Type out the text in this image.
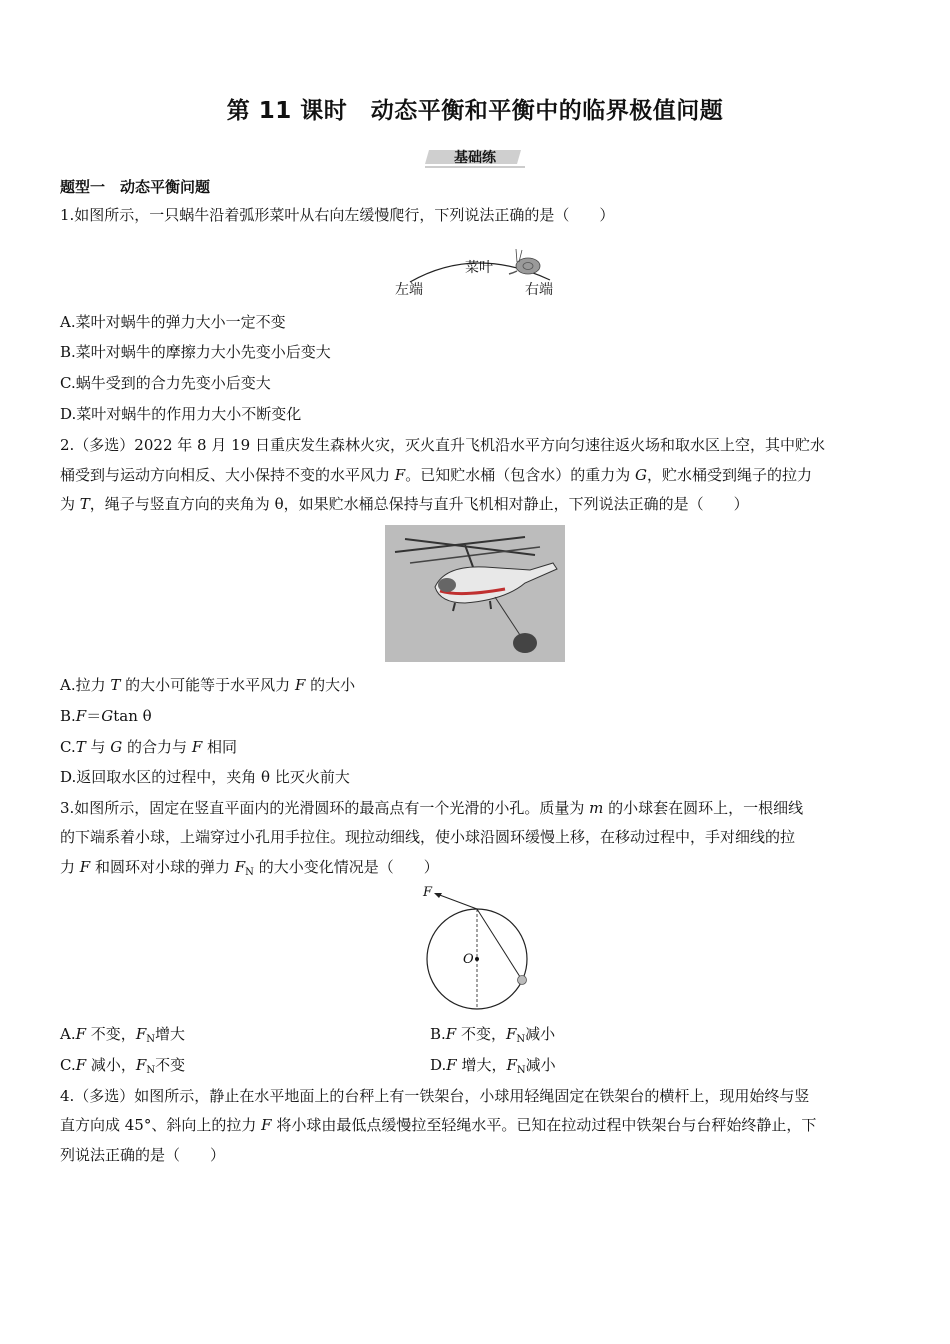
第 11 课时　动态平衡和平衡中的临界极值问题
基础练
题型一　动态平衡问题
1.如图所示，一只蜗牛沿着弧形菜叶从右向左缓慢爬行，下列说法正确的是（　　）
菜叶
左端	右端
A.菜叶对蜗牛的弹力大小一定不变
B.菜叶对蜗牛的摩擦力大小先变小后变大
C.蜗牛受到的合力先变小后变大
D.菜叶对蜗牛的作用力大小不断变化
2.（多选）2022 年 8 月 19 日重庆发生森林火灾，灭火直升飞机沿水平方向匀速往返火场和取水区上空，其中贮水
桶受到与运动方向相反、大小保持不变的水平风力 F。已知贮水桶（包含水）的重力为 G，贮水桶受到绳子的拉力
为 T，绳子与竖直方向的夹角为 θ，如果贮水桶总保持与直升飞机相对静止，下列说法正确的是（　　）
A.拉力 T 的大小可能等于水平风力 F 的大小
B.F＝Gtan θ
C.T 与 G 的合力与 F 相同
D.返回取水区的过程中，夹角 θ 比灭火前大
3.如图所示，固定在竖直平面内的光滑圆环的最高点有一个光滑的小孔。质量为 m 的小球套在圆环上，一根细线
的下端系着小球，上端穿过小孔用手拉住。现拉动细线，使小球沿圆环缓慢上移，在移动过程中，手对细线的拉
力 F 和圆环对小球的弹力 $F_N$ 的大小变化情况是（　　）
F
O
A.F 不变，$F_N$增大	B.F 不变，$F_N$减小
C.F 减小，$F_N$不变	D.F 增大，$F_N$减小
4.（多选）如图所示，静止在水平地面上的台秤上有一铁架台，小球用轻绳固定在铁架台的横杆上，现用始终与竖
直方向成 45°、斜向上的拉力 F 将小球由最低点缓慢拉至轻绳水平。已知在拉动过程中铁架台与台秤始终静止，下
列说法正确的是（　　）
